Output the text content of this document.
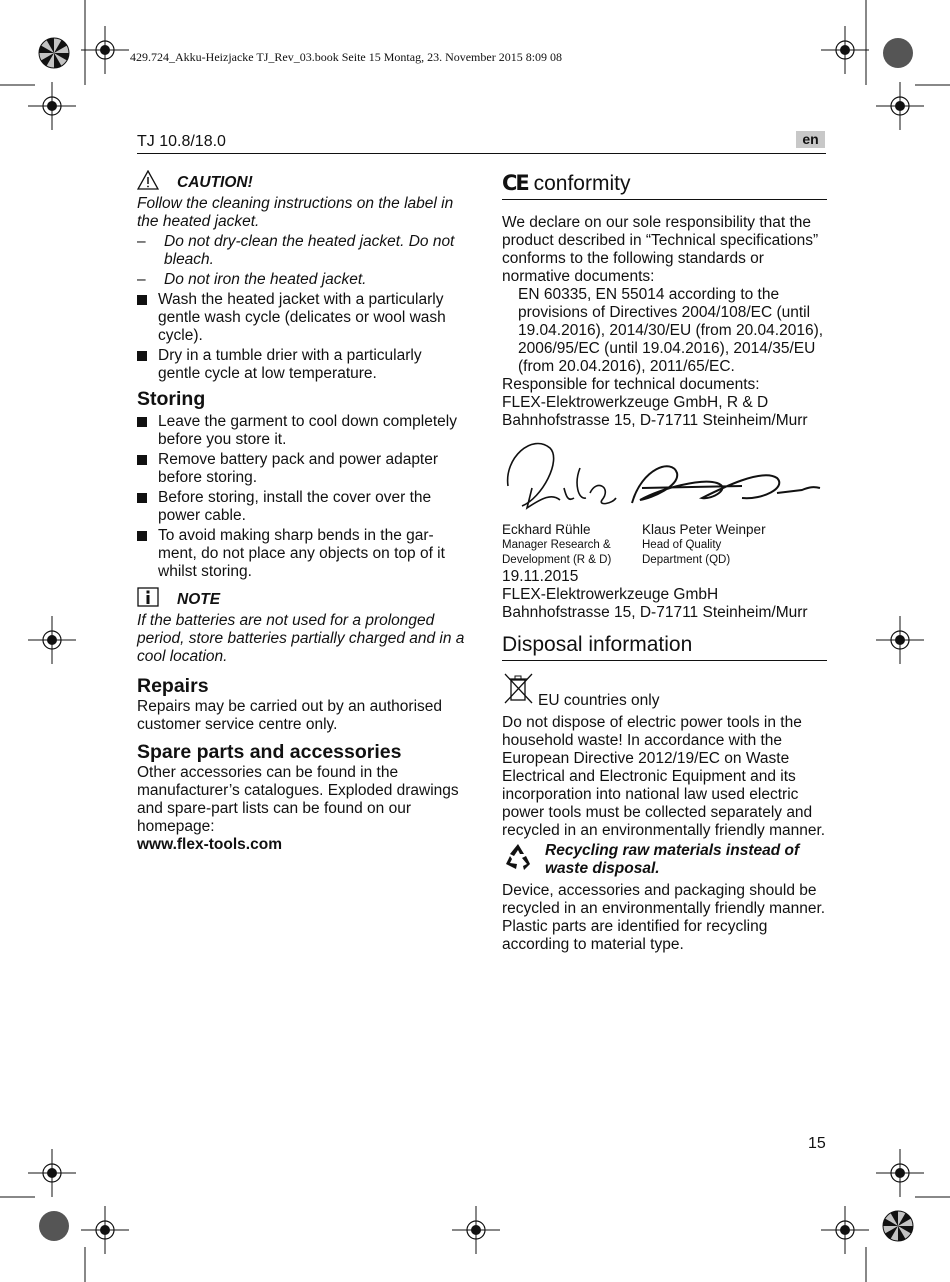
429.724_Akku-Heizjacke TJ_Rev_03.book Seite 15 Montag, 23. November 2015 8:09 08
TJ 10.8/18.0	en
CAUTION!

Follow the cleaning instructions on the label in the heated jacket.

–	Do not dry-clean the heated jacket. Do not bleach.
–	Do not iron the heated jacket.
Wash the heated jacket with a particularly gentle wash cycle (delicates or wool wash cycle).
Dry in a tumble drier with a particularly gentle cycle at low temperature.
Storing
Leave the garment to cool down completely before you store it.
Remove battery pack and power adapter before storing.
Before storing, install the cover over the power cable.
To avoid making sharp bends in the gar-ment, do not place any objects on top of it whilst storing.
NOTE

If the batteries are not used for a prolonged period, store batteries partially charged and in a cool location.

Repairs

Repairs may be carried out by an authorised customer service centre only.

Spare parts and accessories

Other accessories can be found in the manufacturer’s catalogues. Exploded drawings and spare-part lists can be found on our homepage:

www.flex-tools.com

CE conformity

We declare on our sole responsibility that the product described in “Technical specifications” conforms to the following standards or normative documents:

EN 60335, EN 55014 according to the provisions of Directives 2004/108/EC (until 19.04.2016), 2014/30/EU (from 20.04.2016), 2006/95/EC (until 19.04.2016), 2014/35/EU (from 20.04.2016), 2011/65/EC.

Responsible for technical documents:

FLEX-Elektrowerkzeuge GmbH, R & D

Bahnhofstrasse 15, D-71711 Steinheim/Murr

Eckhard Rühle
Manager Research &
Development (R & D)
Klaus Peter Weinper
Head of Quality
Department (QD)

19.11.2015

FLEX-Elektrowerkzeuge GmbH

Bahnhofstrasse 15, D-71711 Steinheim/Murr

Disposal information
EU countries only

Do not dispose of electric power tools in the household waste! In accordance with the European Directive 2012/19/EC on Waste Electrical and Electronic Equipment and its incorporation into national law used electric power tools must be collected separately and recycled in an environmentally friendly manner.

Recycling raw materials instead of waste disposal.

Device, accessories and packaging should be recycled in an environmentally friendly manner. Plastic parts are identified for recycling according to material type.

15
